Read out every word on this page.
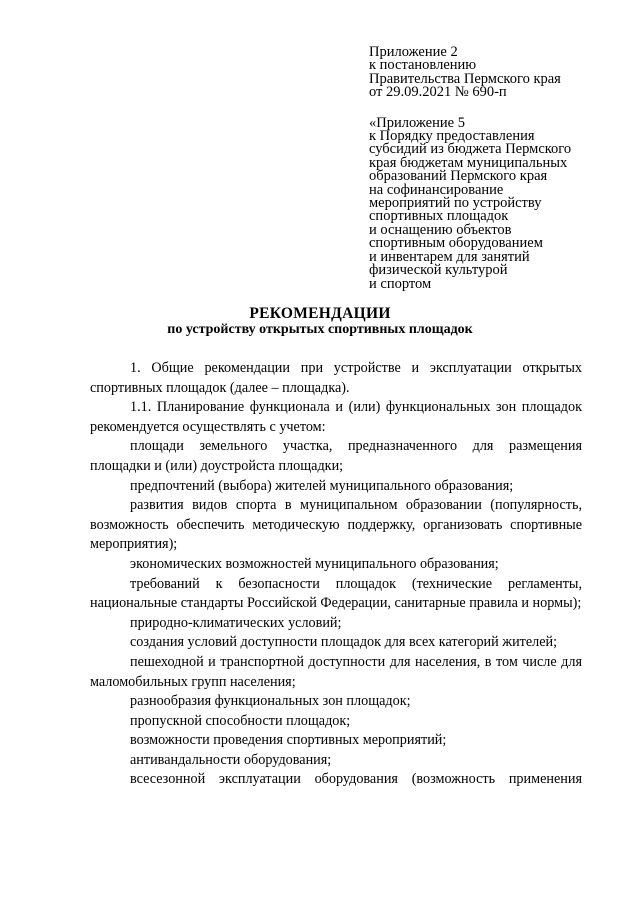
Приложение 2
к постановлению
Правительства Пермского края
от 29.09.2021 № 690-п
«Приложение 5
к Порядку предоставления
субсидий из бюджета Пермского
края бюджетам муниципальных
образований Пермского края
на софинансирование
мероприятий по устройству
спортивных площадок
и оснащению объектов
спортивным оборудованием
и инвентарем для занятий
физической культурой
и спортом
РЕКОМЕНДАЦИИ
по устройству открытых спортивных площадок

1. Общие рекомендации при устройстве и эксплуатации открытых спортивных площадок (далее – площадка).

1.1. Планирование функционала и (или) функциональных зон площадок рекомендуется осуществлять с учетом:

площади земельного участка, предназначенного для размещения площадки и (или) доустройста площадки;

предпочтений (выбора) жителей муниципального образования;

развития видов спорта в муниципальном образовании (популярность, возможность обеспечить методическую поддержку, организовать спортивные мероприятия);

экономических возможностей муниципального образования;

требований к безопасности площадок (технические регламенты, национальные стандарты Российской Федерации, санитарные правила и нормы);

природно-климатических условий;

создания условий доступности площадок для всех категорий жителей;

пешеходной и транспортной доступности для населения, в том числе для маломобильных групп населения;

разнообразия функциональных зон площадок;

пропускной способности площадок;

возможности проведения спортивных мероприятий;

антивандальности оборудования;

всесезонной эксплуатации оборудования (возможность применения
